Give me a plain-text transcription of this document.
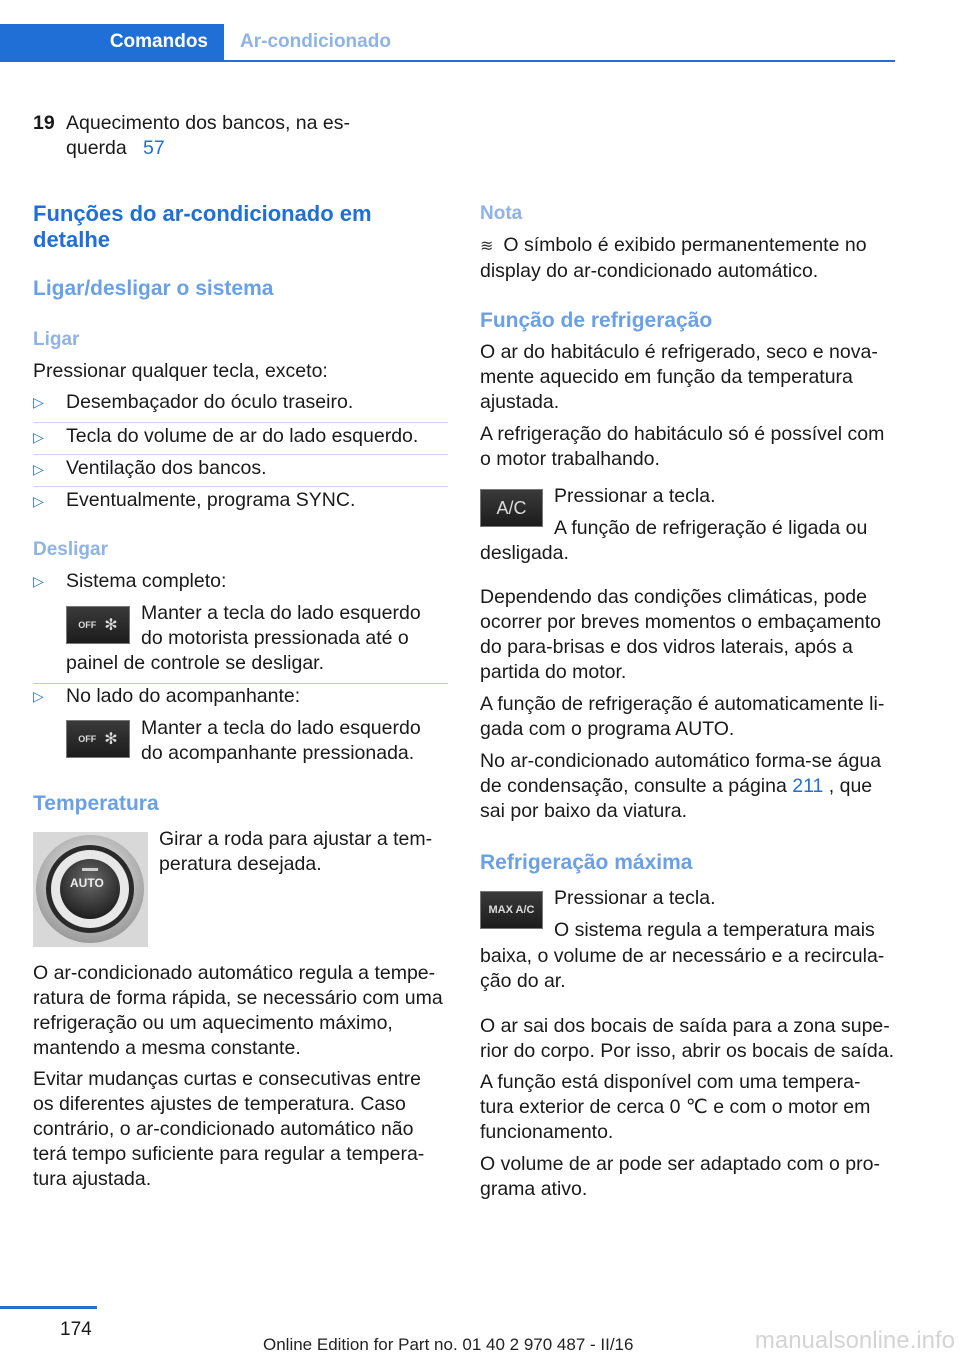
Comandos	Ar-condicionado
19 Aquecimento dos bancos, na es-
querda 57
Funções do ar-condicionado em
detalhe
Ligar/desligar o sistema
Ligar
Pressionar qualquer tecla, exceto:
▷ Desembaçador do óculo traseiro.
▷ Tecla do volume de ar do lado esquerdo.
▷ Ventilação dos bancos.
▷ Eventualmente, programa SYNC.
Desligar
▷ Sistema completo:
OFF ✻
Manter a tecla do lado esquerdo
do motorista pressionada até o
painel de controle se desligar.
▷ No lado do acompanhante:
OFF ✻ Manter a tecla do lado esquerdo
do acompanhante pressionada.
Temperatura
AUTO
Girar a roda para ajustar a tem-
peratura desejada.
O ar-condicionado automático regula a tempe-
ratura de forma rápida, se necessário com uma
refrigeração ou um aquecimento máximo,
mantendo a mesma constante.
Evitar mudanças curtas e consecutivas entre
os diferentes ajustes de temperatura. Caso
contrário, o ar-condicionado automático não
terá tempo suficiente para regular a tempera-
tura ajustada.
Nota
≋ O símbolo é exibido permanentemente no
display do ar-condicionado automático.
Função de refrigeração
O ar do habitáculo é refrigerado, seco e nova-
mente aquecido em função da temperatura
ajustada.
A refrigeração do habitáculo só é possível com
o motor trabalhando.
A/C
Pressionar a tecla.
A função de refrigeração é ligada ou
desligada.
Dependendo das condições climáticas, pode
ocorrer por breves momentos o embaçamento
do para-brisas e dos vidros laterais, após a
partida do motor.
A função de refrigeração é automaticamente li-
gada com o programa AUTO.
No ar-condicionado automático forma-se água
de condensação, consulte a página 211 , que
sai por baixo da viatura.
Refrigeração máxima
MAX A/C
Pressionar a tecla.
O sistema regula a temperatura mais
baixa, o volume de ar necessário e a recircula-
ção do ar.
O ar sai dos bocais de saída para a zona supe-
rior do corpo. Por isso, abrir os bocais de saída.
A função está disponível com uma tempera-
tura exterior de cerca 0 ℃ e com o motor em
funcionamento.
O volume de ar pode ser adaptado com o pro-
grama ativo.
174
Online Edition for Part no. 01 40 2 970 487 - II/16	manualsonline.info
